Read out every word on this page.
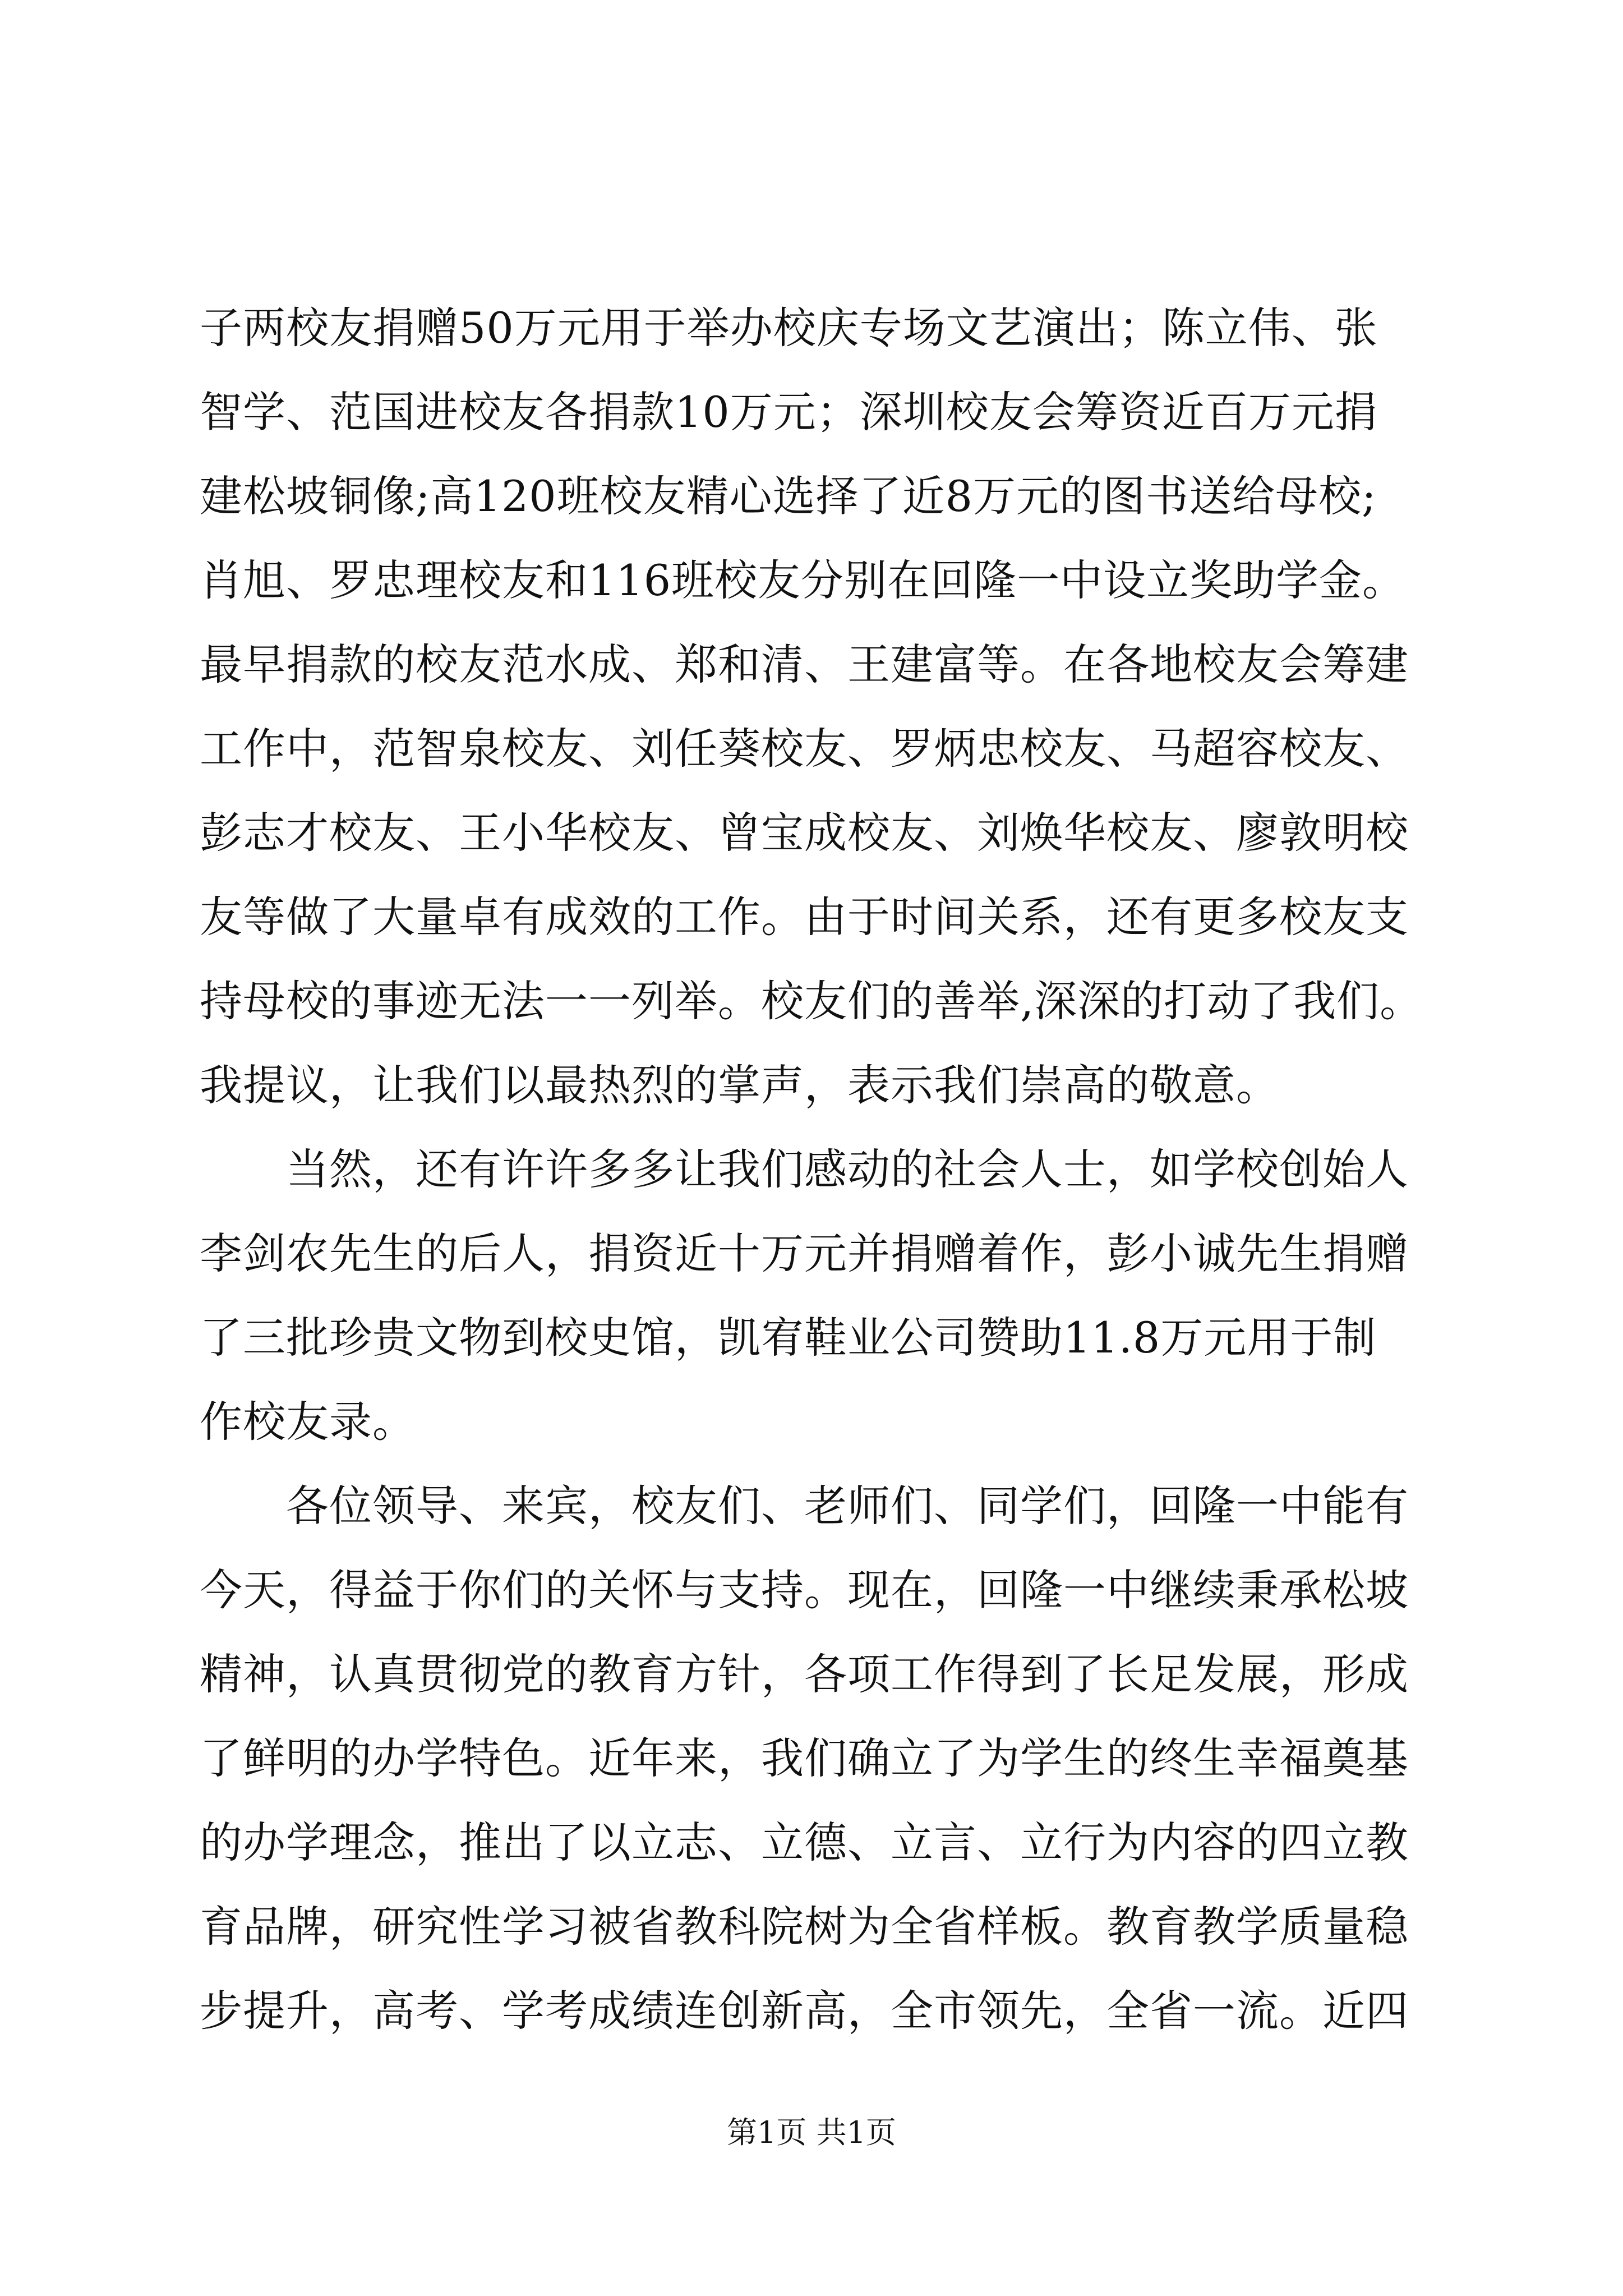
子两校友捐赠50万元用于举办校庆专场文艺演出；陈立伟、张
智学、范国进校友各捐款10万元；深圳校友会筹资近百万元捐
建松坡铜像;高120班校友精心选择了近8万元的图书送给母校;
肖旭、罗忠理校友和116班校友分别在回隆一中设立奖助学金。
最早捐款的校友范水成、郑和清、王建富等。在各地校友会筹建
工作中，范智泉校友、刘任葵校友、罗炳忠校友、马超容校友、
彭志才校友、王小华校友、曾宝成校友、刘焕华校友、廖敦明校
友等做了大量卓有成效的工作。由于时间关系，还有更多校友支
持母校的事迹无法一一列举。校友们的善举,深深的打动了我们。
我提议，让我们以最热烈的掌声，表示我们崇高的敬意。
　　当然，还有许许多多让我们感动的社会人士，如学校创始人
李剑农先生的后人，捐资近十万元并捐赠着作，彭小诚先生捐赠
了三批珍贵文物到校史馆，凯宥鞋业公司赞助11.8万元用于制
作校友录。
　　各位领导、来宾，校友们、老师们、同学们，回隆一中能有
今天，得益于你们的关怀与支持。现在，回隆一中继续秉承松坡
精神，认真贯彻党的教育方针，各项工作得到了长足发展，形成
了鲜明的办学特色。近年来，我们确立了为学生的终生幸福奠基
的办学理念，推出了以立志、立德、立言、立行为内容的四立教
育品牌，研究性学习被省教科院树为全省样板。教育教学质量稳
步提升，高考、学考成绩连创新高，全市领先，全省一流。近四
第1页 共1页
